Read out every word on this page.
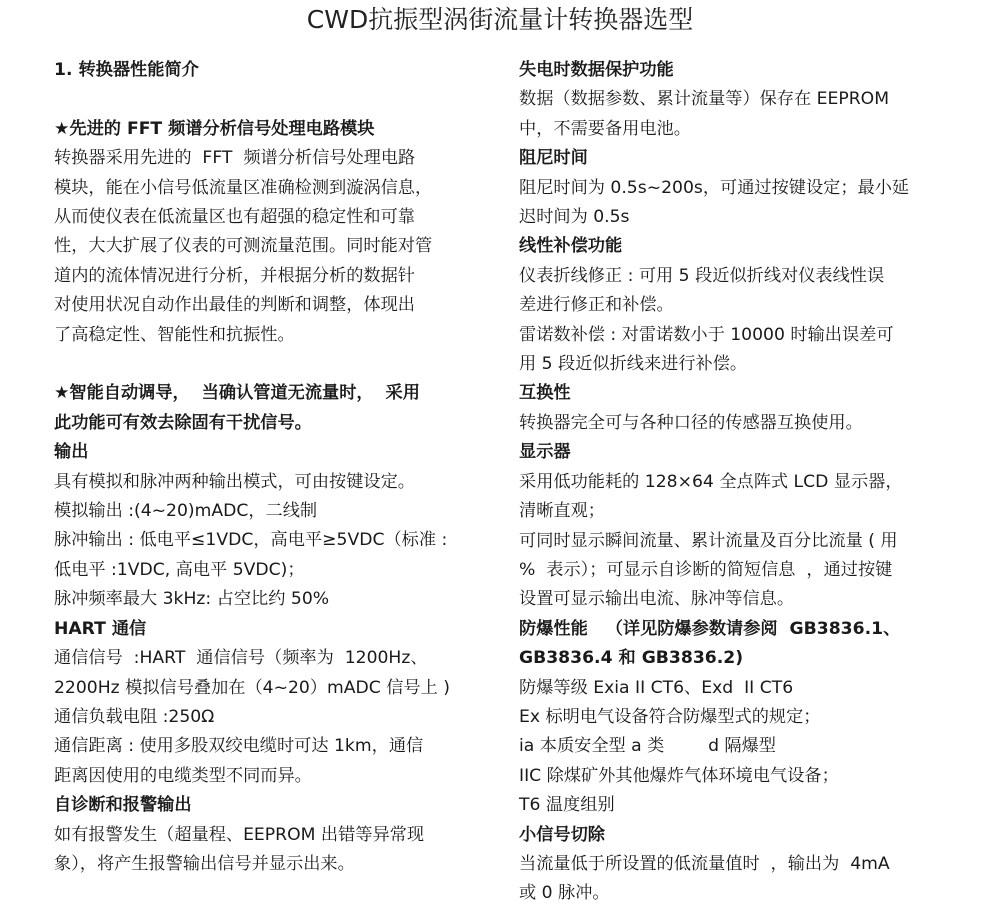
CWD抗振型涡街流量计转换器选型
1. 转换器性能简介
★先进的 FFT 频谱分析信号处理电路模块
转换器采用先进的  FFT  频谱分析信号处理电路
模块，能在小信号低流量区准确检测到漩涡信息，
从而使仪表在低流量区也有超强的稳定性和可靠
性，大大扩展了仪表的可测流量范围。同时能对管
道内的流体情况进行分析，并根据分析的数据针
对使用状况自动作出最佳的判断和调整，体现出
了高稳定性、智能性和抗振性。
★智能自动调导，  当确认管道无流量时，  采用
此功能可有效去除固有干扰信号。
输出
具有模拟和脉冲两种输出模式，可由按键设定。
模拟输出 :(4~20)mADC，二线制
脉冲输出 : 低电平≤1VDC，高电平≥5VDC（标准 :
低电平 :1VDC, 高电平 5VDC)；
脉冲频率最大 3kHz: 占空比约 50%
HART 通信
通信信号  :HART  通信信号（频率为  1200Hz、
2200Hz 模拟信号叠加在（4~20）mADC 信号上 )
通信负载电阻 :250Ω
通信距离 : 使用多股双绞电缆时可达 1km，通信
距离因使用的电缆类型不同而异。
自诊断和报警输出
如有报警发生（超量程、EEPROM 出错等异常现
象），将产生报警输出信号并显示出来。
失电时数据保护功能
数据（数据参数、累计流量等）保存在 EEPROM
中，不需要备用电池。
阻尼时间
阻尼时间为 0.5s~200s，可通过按键设定；最小延
迟时间为 0.5s
线性补偿功能
仪表折线修正 : 可用 5 段近似折线对仪表线性误
差进行修正和补偿。
雷诺数补偿 : 对雷诺数小于 10000 时输出误差可
用 5 段近似折线来进行补偿。
互换性
转换器完全可与各种口径的传感器互换使用。
显示器
采用低功能耗的 128×64 全点阵式 LCD 显示器，
清晰直观；
可同时显示瞬间流量、累计流量及百分比流量 ( 用
%  表示）；可显示自诊断的简短信息  ，通过按键
设置可显示输出电流、脉冲等信息。
防爆性能   （详见防爆参数请参阅  GB3836.1、
GB3836.4 和 GB3836.2)
防爆等级 Exia II CT6、Exd  II CT6
Ex 标明电气设备符合防爆型式的规定；
ia 本质安全型 a 类        d 隔爆型
IIC 除煤矿外其他爆炸气体环境电气设备；
T6 温度组别
小信号切除
当流量低于所设置的低流量值时  ，输出为  4mA
或 0 脉冲。
